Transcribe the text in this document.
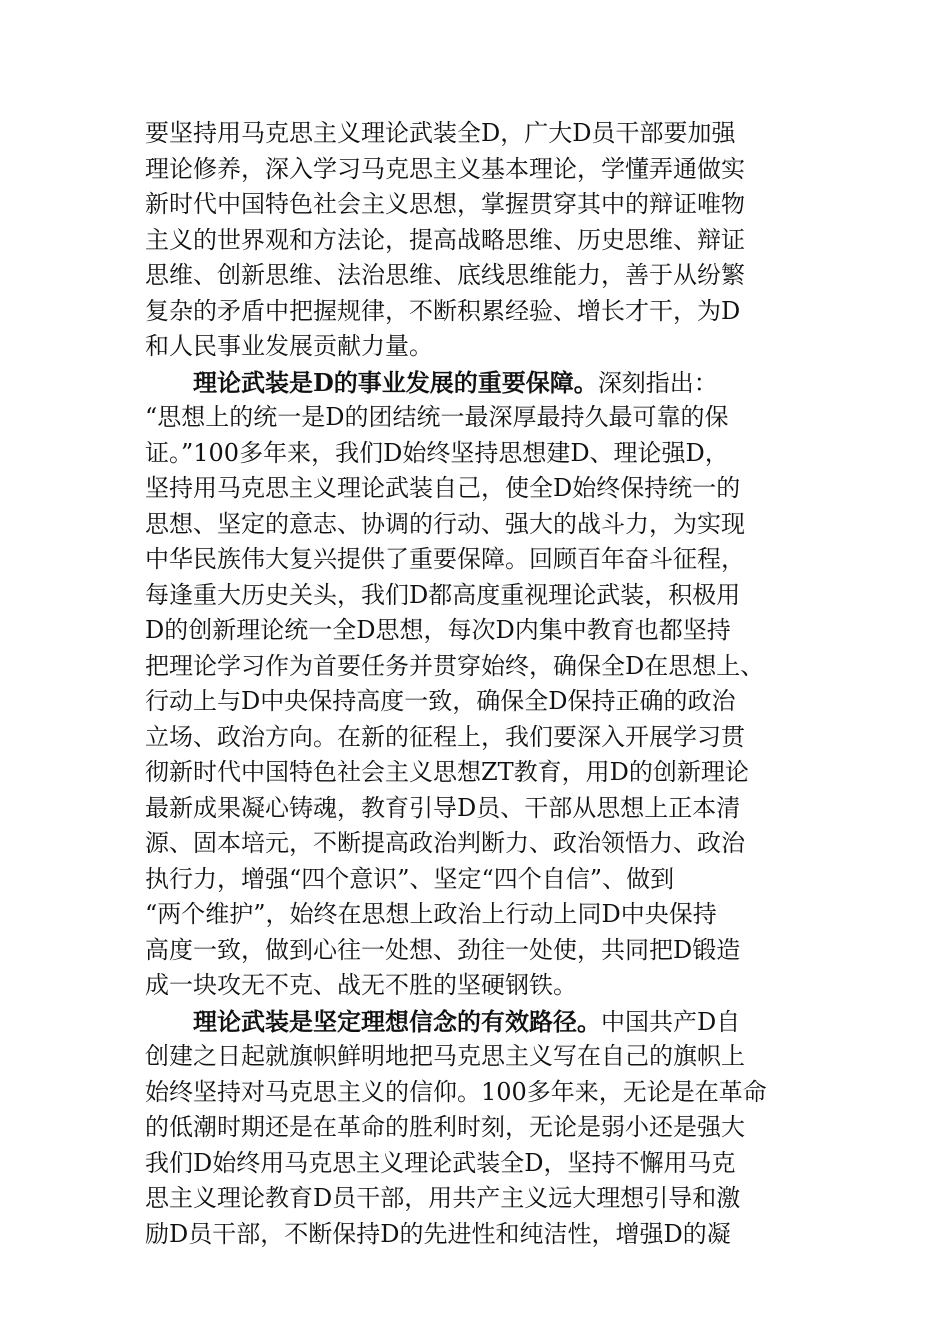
要坚持用马克思主义理论武装全D，广大D员干部要加强
理论修养，深入学习马克思主义基本理论，学懂弄通做实
新时代中国特色社会主义思想，掌握贯穿其中的辩证唯物
主义的世界观和方法论，提高战略思维、历史思维、辩证
思维、创新思维、法治思维、底线思维能力，善于从纷繁
复杂的矛盾中把握规律，不断积累经验、增长才干，为D
和人民事业发展贡献力量。
　　理论武装是D的事业发展的重要保障。深刻指出：
“思想上的统一是D的团结统一最深厚最持久最可靠的保
证。”100多年来，我们D始终坚持思想建D、理论强D，
坚持用马克思主义理论武装自己，使全D始终保持统一的
思想、坚定的意志、协调的行动、强大的战斗力，为实现
中华民族伟大复兴提供了重要保障。回顾百年奋斗征程，
每逢重大历史关头，我们D都高度重视理论武装，积极用
D的创新理论统一全D思想，每次D内集中教育也都坚持
把理论学习作为首要任务并贯穿始终，确保全D在思想上、
行动上与D中央保持高度一致，确保全D保持正确的政治
立场、政治方向。在新的征程上，我们要深入开展学习贯
彻新时代中国特色社会主义思想ZT教育，用D的创新理论
最新成果凝心铸魂，教育引导D员、干部从思想上正本清
源、固本培元，不断提高政治判断力、政治领悟力、政治
执行力，增强“四个意识”、坚定“四个自信”、做到
“两个维护”，始终在思想上政治上行动上同D中央保持
高度一致，做到心往一处想、劲往一处使，共同把D锻造
成一块攻无不克、战无不胜的坚硬钢铁。
　　理论武装是坚定理想信念的有效路径。中国共产D自
创建之日起就旗帜鲜明地把马克思主义写在自己的旗帜上
始终坚持对马克思主义的信仰。100多年来，无论是在革命
的低潮时期还是在革命的胜利时刻，无论是弱小还是强大
我们D始终用马克思主义理论武装全D，坚持不懈用马克
思主义理论教育D员干部，用共产主义远大理想引导和激
励D员干部，不断保持D的先进性和纯洁性，增强D的凝
